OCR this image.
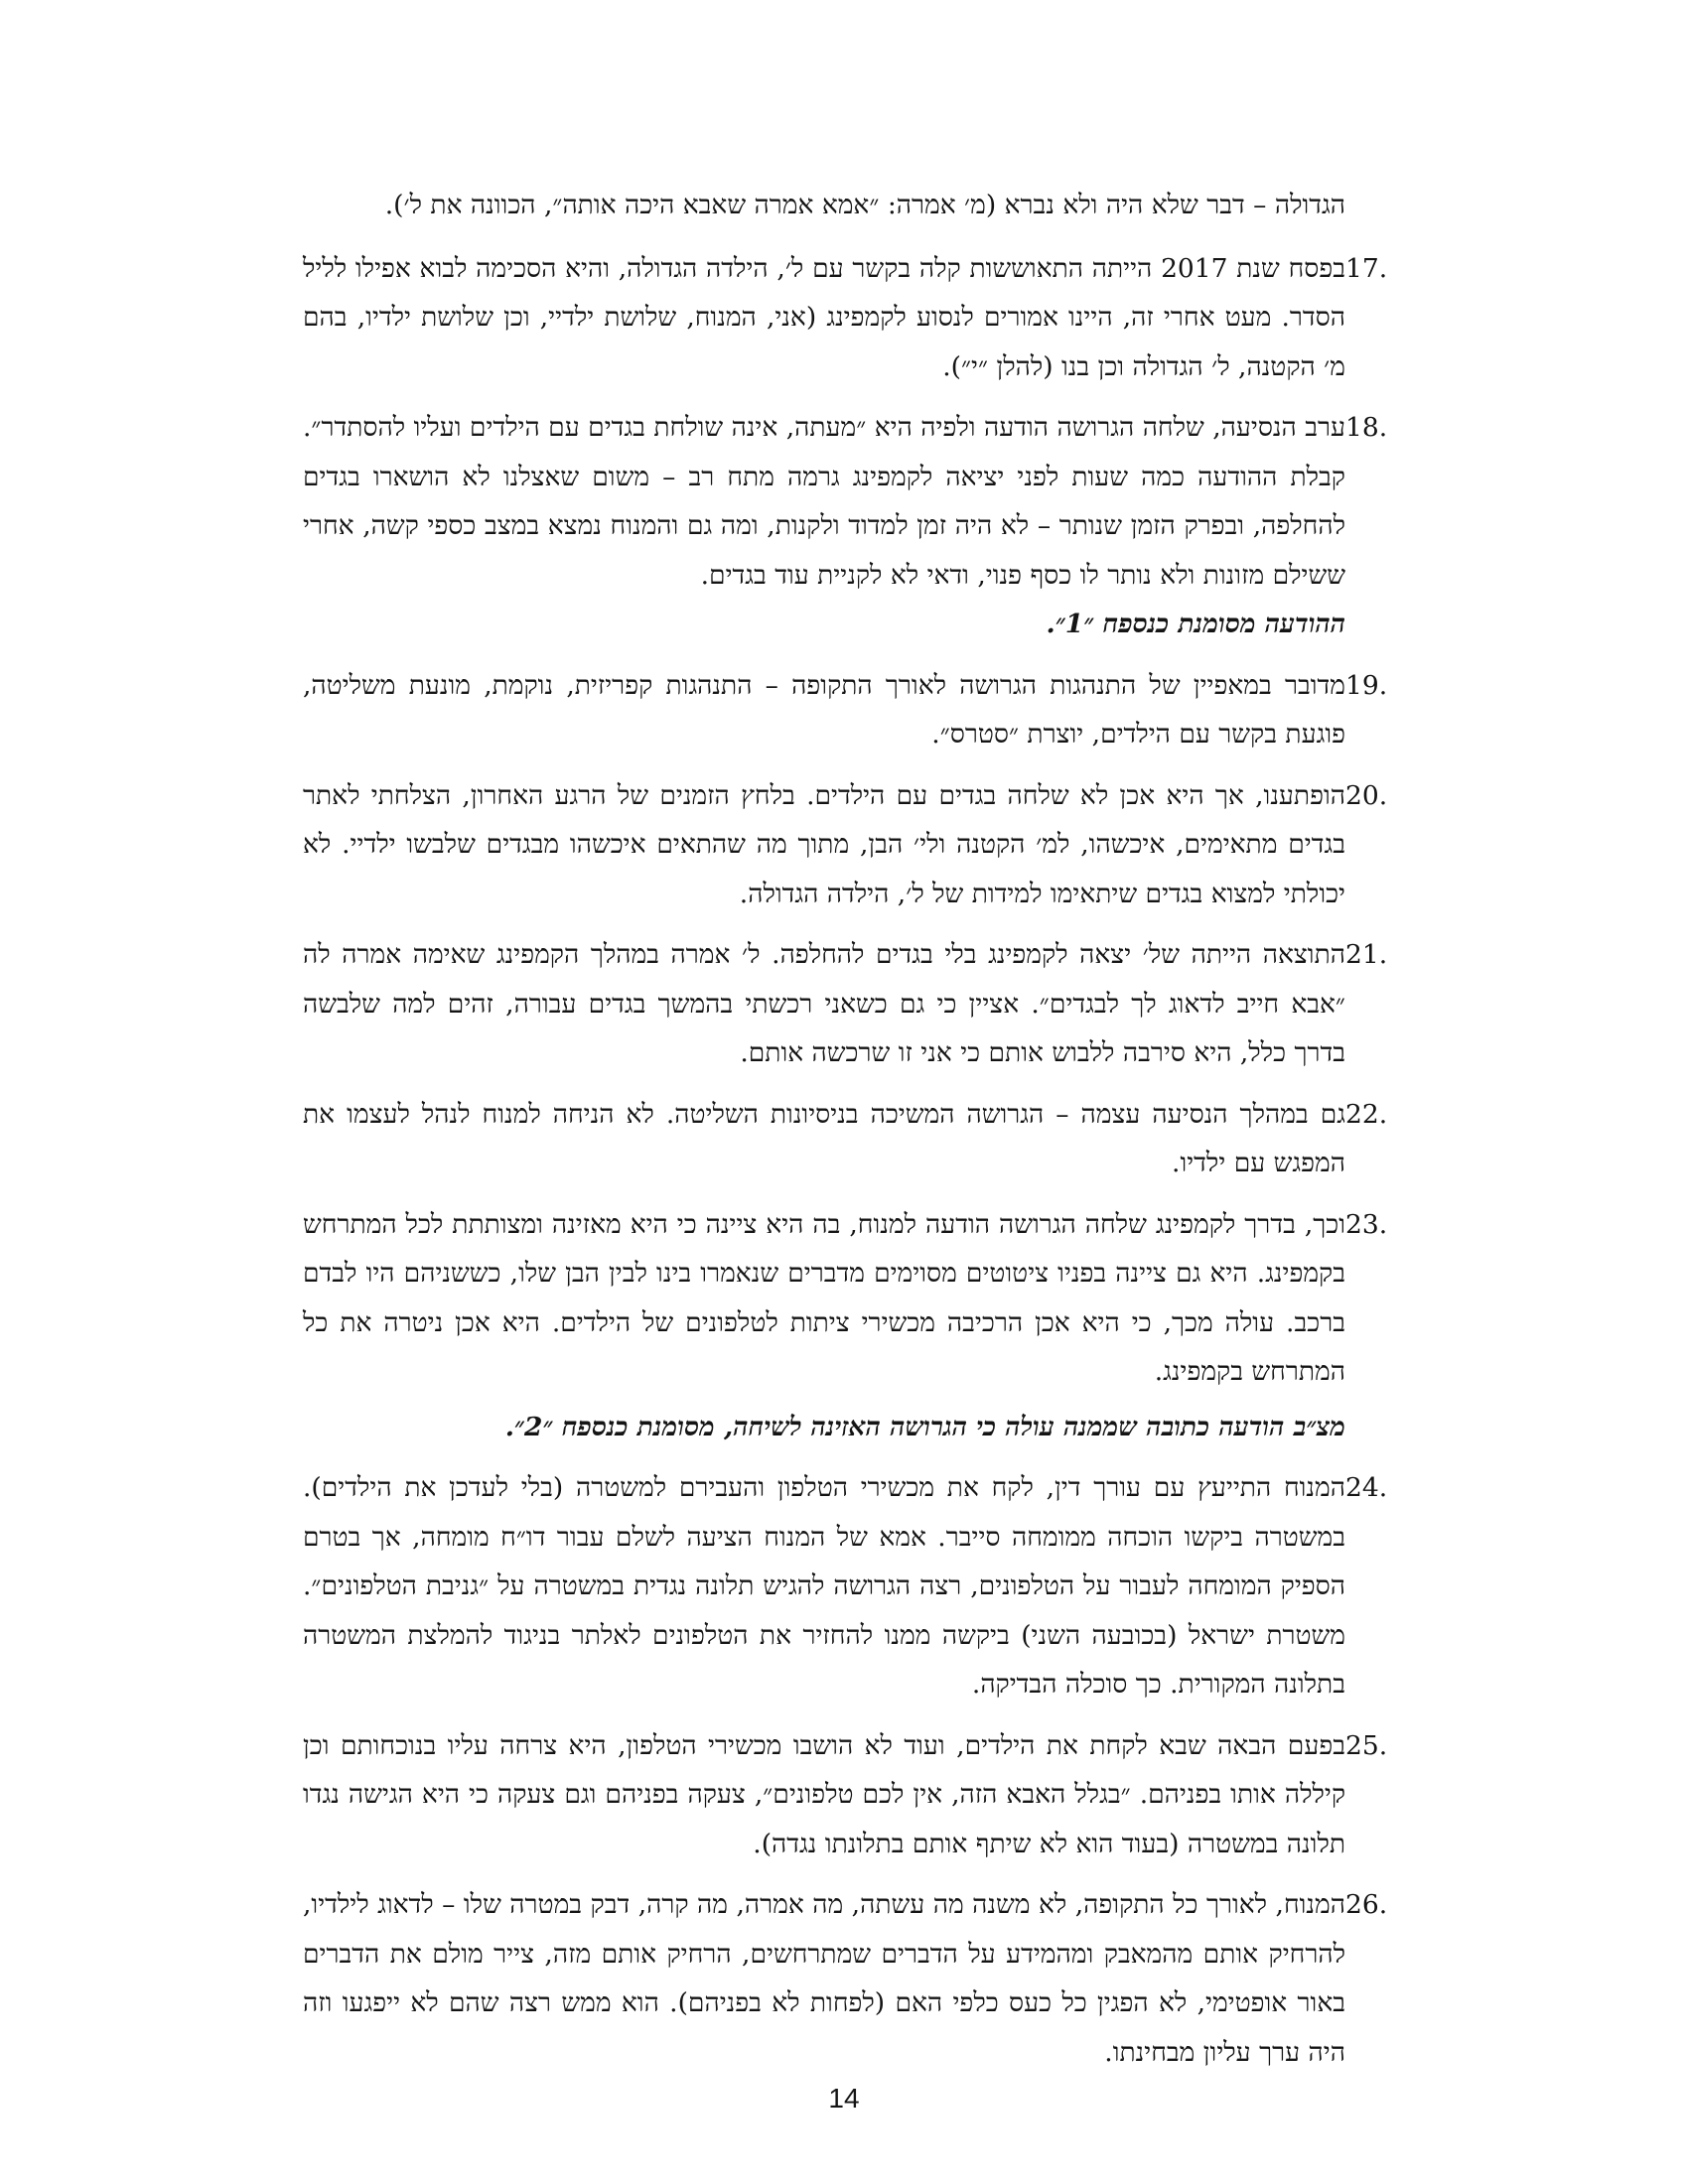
הגדולה – דבר שלא היה ולא נברא (מ׳ אמרה: ״אמא אמרה שאבא היכה אותה״, הכוונה את ל׳).

17.

בפסח שנת 2017 הייתה התאוששות קלה בקשר עם ל׳, הילדה הגדולה, והיא הסכימה לבוא אפילו לליל הסדר. מעט אחרי זה, היינו אמורים לנסוע לקמפינג (אני, המנוח, שלושת ילדיי, וכן שלושת ילדיו, בהם מ׳ הקטנה, ל׳ הגדולה וכן בנו (להלן ״י״).

18.

ערב הנסיעה, שלחה הגרושה הודעה ולפיה היא ״מעתה, אינה שולחת בגדים עם הילדים ועליו להסתדר״. קבלת ההודעה כמה שעות לפני יציאה לקמפינג גרמה מתח רב – משום שאצלנו לא הושארו בגדים להחלפה, ובפרק הזמן שנותר – לא היה זמן למדוד ולקנות, ומה גם והמנוח נמצא במצב כספי קשה, אחרי ששילם מזונות ולא נותר לו כסף פנוי, ודאי לא לקניית עוד בגדים.

ההודעה מסומנת כנספח ״1״.

19.

מדובר במאפיין של התנהגות הגרושה לאורך התקופה – התנהגות קפריזית, נוקמת, מונעת משליטה, פוגעת בקשר עם הילדים, יוצרת ״סטרס״.

20.

הופתענו, אך היא אכן לא שלחה בגדים עם הילדים. בלחץ הזמנים של הרגע האחרון, הצלחתי לאתר בגדים מתאימים, איכשהו, למ׳ הקטנה ולי׳ הבן, מתוך מה שהתאים איכשהו מבגדים שלבשו ילדיי. לא יכולתי למצוא בגדים שיתאימו למידות של ל׳, הילדה הגדולה.

21.

התוצאה הייתה של׳ יצאה לקמפינג בלי בגדים להחלפה. ל׳ אמרה במהלך הקמפינג שאימה אמרה לה ״אבא חייב לדאוג לך לבגדים״. אציין כי גם כשאני רכשתי בהמשך בגדים עבורה, זהים למה שלבשה בדרך כלל, היא סירבה ללבוש אותם כי אני זו שרכשה אותם.

22.

גם במהלך הנסיעה עצמה – הגרושה המשיכה בניסיונות השליטה. לא הניחה למנוח לנהל לעצמו את המפגש עם ילדיו.

23.

וכך, בדרך לקמפינג שלחה הגרושה הודעה למנוח, בה היא ציינה כי היא מאזינה ומצותתת לכל המתרחש בקמפינג. היא גם ציינה בפניו ציטוטים מסוימים מדברים שנאמרו בינו לבין הבן שלו, כששניהם היו לבדם ברכב. עולה מכך, כי היא אכן הרכיבה מכשירי ציתות לטלפונים של הילדים. היא אכן ניטרה את כל המתרחש בקמפינג.

מצ״ב הודעה כתובה שממנה עולה כי הגרושה האזינה לשיחה, מסומנת כנספח ״2״.

24.

המנוח התייעץ עם עורך דין, לקח את מכשירי הטלפון והעבירם למשטרה (בלי לעדכן את הילדים). במשטרה ביקשו הוכחה ממומחה סייבר. אמא של המנוח הציעה לשלם עבור דו״ח מומחה, אך בטרם הספיק המומחה לעבור על הטלפונים, רצה הגרושה להגיש תלונה נגדית במשטרה על ״גניבת הטלפונים״. משטרת ישראל (בכובעה השני) ביקשה ממנו להחזיר את הטלפונים לאלתר בניגוד להמלצת המשטרה בתלונה המקורית. כך סוכלה הבדיקה.

25.

בפעם הבאה שבא לקחת את הילדים, ועוד לא הושבו מכשירי הטלפון, היא צרחה עליו בנוכחותם וכן קיללה אותו בפניהם. ״בגלל האבא הזה, אין לכם טלפונים״, צעקה בפניהם וגם צעקה כי היא הגישה נגדו תלונה במשטרה (בעוד הוא לא שיתף אותם בתלונתו נגדה).

26.

המנוח, לאורך כל התקופה, לא משנה מה עשתה, מה אמרה, מה קרה, דבק במטרה שלו – לדאוג לילדיו, להרחיק אותם מהמאבק ומהמידע על הדברים שמתרחשים, הרחיק אותם מזה, צייר מולם את הדברים באור אופטימי, לא הפגין כל כעס כלפי האם (לפחות לא בפניהם). הוא ממש רצה שהם לא ייפגעו וזה היה ערך עליון מבחינתו.

14
